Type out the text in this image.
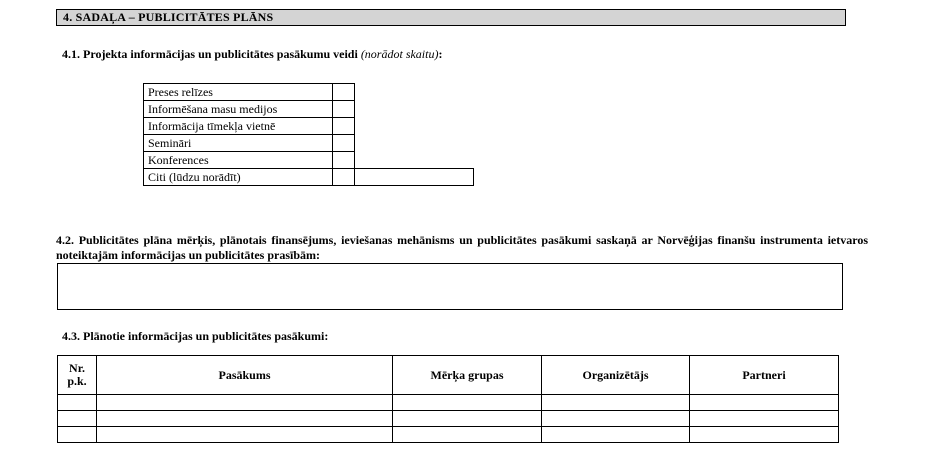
4. SADAĻA – PUBLICITĀTES PLĀNS
4.1. Projekta informācijas un publicitātes pasākumu veidi (norādot skaitu):
Preses relīzes		
Informēšana masu medijos		
Informācija tīmekļa vietnē		
Semināri		
Konferences		
Citi (lūdzu norādīt)		
4.2. Publicitātes plāna mērķis, plānotais finansējums, ieviešanas mehānisms un publicitātes pasākumi saskaņā ar Norvēģijas finanšu instrumenta ietvaros noteiktajām informācijas un publicitātes prasībām:
4.3. Plānotie informācijas un publicitātes pasākumi:
Nr.
p.k.	Pasākums	Mērķa grupas	Organizētājs	Partneri
